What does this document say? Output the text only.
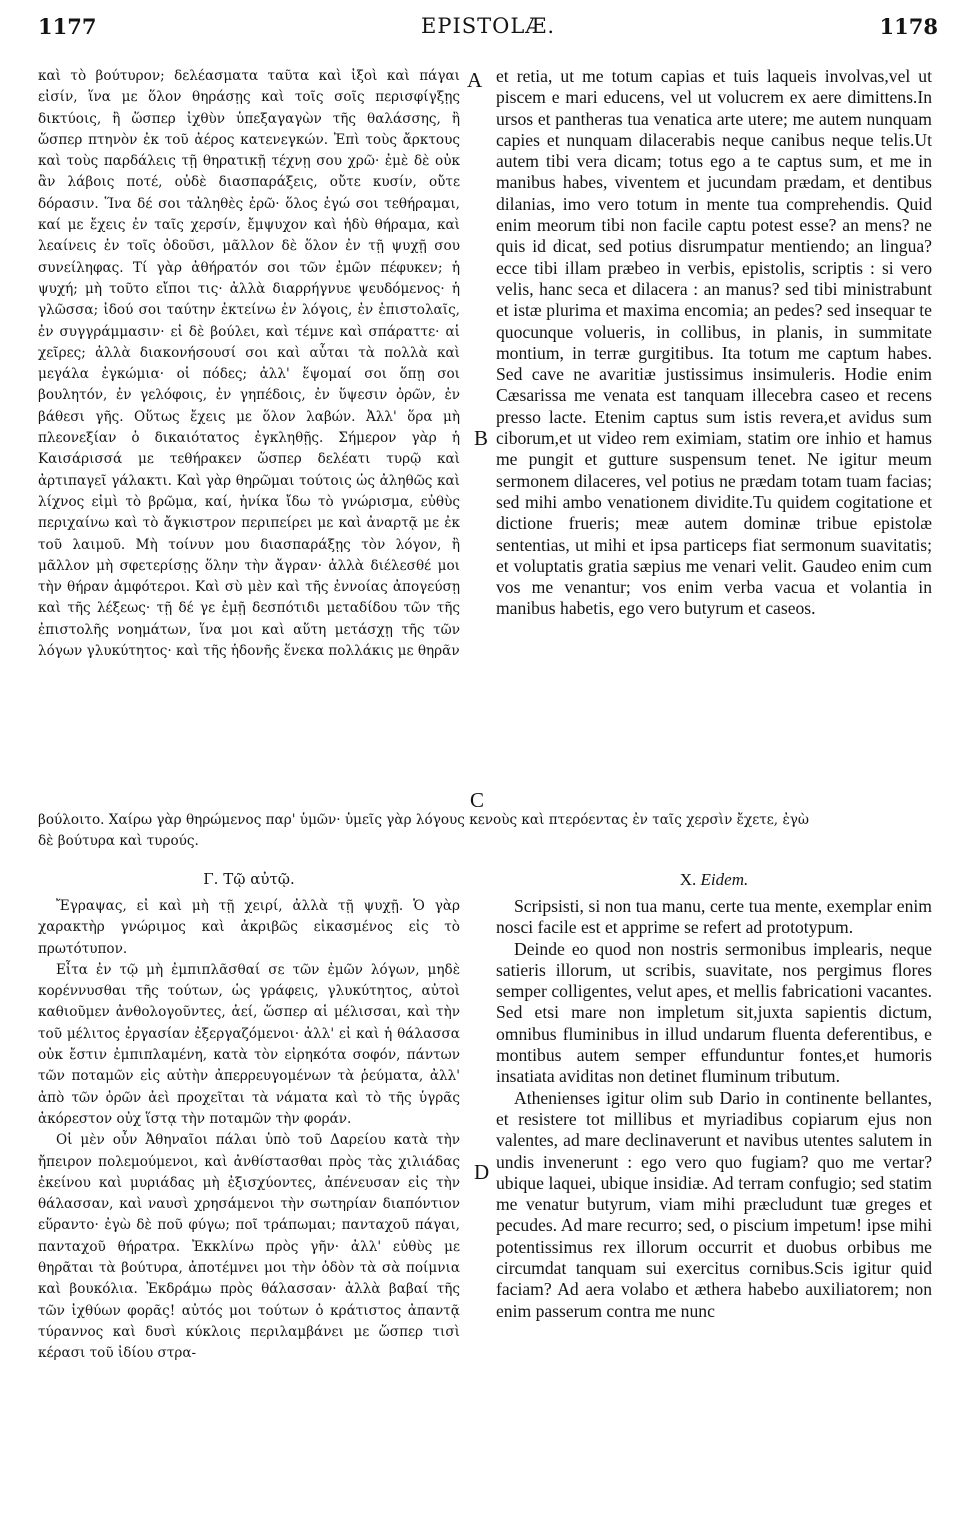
1177	EPISTOLÆ.	1178

καὶ τὸ βούτυρον; δελέασματα ταῦτα καὶ ἰξοὶ καὶ πάγαι εἰσίν, ἵνα με ὅλον θηράσῃς καὶ τοῖς σοῖς περισφίγξῃς δικτύοις, ἢ ὥσπερ ἰχθὺν ὑπεξαγαγὼν τῆς θαλάσσης, ἢ ὥσπερ πτηνὸν ἐκ τοῦ ἀέρος κατενεγκών. Ἐπὶ τοὺς ἄρκτους καὶ τοὺς παρδάλεις τῇ θηρατικῇ τέχνῃ σου χρῶ· ἐμὲ δὲ οὐκ ἂν λάβοις ποτέ, οὐδὲ διασπαράξεις, οὔτε κυσίν, οὔτε δόρασιν. Ἵνα δέ σοι τἀληθὲς ἐρῶ· ὅλος ἐγώ σοι τεθήραμαι, καί με ἔχεις ἐν ταῖς χερσίν, ἔμψυχον καὶ ἡδὺ θήραμα, καὶ λεαίνεις ἐν τοῖς ὀδοῦσι, μᾶλλον δὲ ὅλον ἐν τῇ ψυχῇ σου συνείληφας. Τί γὰρ ἀθήρατόν σοι τῶν ἐμῶν πέφυκεν; ἡ ψυχή; μὴ τοῦτο εἴποι τις· ἀλλὰ διαρρήγνυε ψευδόμενος· ἡ γλῶσσα; ἰδού σοι ταύτην ἐκτείνω ἐν λόγοις, ἐν ἐπιστολαῖς, ἐν συγγράμμασιν· εἰ δὲ βούλει, καὶ τέμνε καὶ σπάραττε· αἱ χεῖρες; ἀλλὰ διακονήσουσί σοι καὶ αὗται τὰ πολλὰ καὶ μεγάλα ἐγκώμια· οἱ πόδες; ἀλλ' ἕψομαί σοι ὅπῃ σοι βουλητόν, ἐν γελόφοις, ἐν γηπέδοις, ἐν ὕψεσιν ὀρῶν, ἐν βάθεσι γῆς. Οὕτως ἔχεις με ὅλον λαβών. Ἀλλ' ὅρα μὴ πλεονεξίαν ὁ δικαιότατος ἐγκληθῇς. Σήμερον γὰρ ἡ Καισάρισσά με τεθήρακεν ὥσπερ δελέατι τυρῷ καὶ ἀρτιπαγεῖ γάλακτι. Καὶ γὰρ θηρῶμαι τούτοις ὡς ἀληθῶς καὶ λίχνος εἰμὶ τὸ βρῶμα, καί, ἡνίκα ἴδω τὸ γνώρισμα, εὐθὺς περιχαίνω καὶ τὸ ἄγκιστρον περιπείρει με καὶ ἀναρτᾷ με ἐκ τοῦ λαιμοῦ. Μὴ τοίνυν μου διασπαράξῃς τὸν λόγον, ἢ μᾶλλον μὴ σφετερίσῃς ὅλην τὴν ἄγραν· ἀλλὰ διέλεσθέ μοι τὴν θήραν ἀμφότεροι. Καὶ σὺ μὲν καὶ τῆς ἐννοίας ἀπογεύσῃ καὶ τῆς λέξεως· τῇ δέ γε ἐμῇ δεσπότιδι μεταδίδου τῶν τῆς ἐπιστολῆς νοημάτων, ἵνα μοι καὶ αὕτη μετάσχῃ τῆς τῶν λόγων γλυκύτητος· καὶ τῆς ἡδονῆς ἕνεκα πολλάκις με θηρᾶν

et retia, ut me totum capias et tuis laqueis involvas,vel ut piscem e mari educens, vel ut volucrem ex aere dimittens.In ursos et pantheras tua venatica arte utere; me autem nunquam capies et nunquam dilacerabis neque canibus neque telis.Ut autem tibi vera dicam; totus ego a te captus sum, et me in manibus habes, viventem et jucundam prædam, et dentibus dilanias, imo vero totum in mente tua comprehendis. Quid enim meorum tibi non facile captu potest esse? an mens? ne quis id dicat, sed potius disrumpatur mentiendo; an lingua? ecce tibi illam præbeo in verbis, epistolis, scriptis : si vero velis, hanc seca et dilacera : an manus? sed tibi ministrabunt et istæ plurima et maxima encomia; an pedes? sed insequar te quocunque volueris, in collibus, in planis, in summitate montium, in terræ gurgitibus. Ita totum me captum habes. Sed cave ne avaritiæ justissimus insimuleris. Hodie enim Cæsarissa me venata est tanquam illecebra caseo et recens presso lacte. Etenim captus sum istis revera,et avidus sum ciborum,et ut video rem eximiam, statim ore inhio et hamus me pungit et gutture suspensum tenet. Ne igitur meum sermonem dilaceres, vel potius ne prædam totam tuam facias; sed mihi ambo venationem dividite.Tu quidem cogitatione et dictione frueris; meæ autem dominæ tribue epistolæ sententias, ut mihi et ipsa particeps fiat sermonum suavitatis; et voluptatis gratia sæpius me venari velit. Gaudeo enim cum vos me venantur; vos enim verba vacua et volantia in manibus habetis, ego vero butyrum et caseos.

A
B
C
D
βούλοιτο. Χαίρω γὰρ θηρώμενος παρ' ὑμῶν· ὑμεῖς γὰρ λόγους κενοὺς καὶ πτερόεντας ἐν ταῖς χερσὶν ἔχετε, ἐγὼ
δὲ βούτυρα καὶ τυρούς.
Γ. Τῷ αὐτῷ.	X. Eidem.

Ἔγραψας, εἰ καὶ μὴ τῇ χειρί, ἀλλὰ τῇ ψυχῇ. Ὁ γὰρ χαρακτὴρ γνώριμος καὶ ἀκριβῶς εἰκασμένος εἰς τὸ πρωτότυπον.

Εἶτα ἐν τῷ μὴ ἐμπιπλᾶσθαί σε τῶν ἐμῶν λόγων, μηδὲ κορέννυσθαι τῆς τούτων, ὡς γράφεις, γλυκύτητος, αὐτοὶ καθιοῦμεν ἀνθολογοῦντες, ἀεί, ὥσπερ αἱ μέλισσαι, καὶ τὴν τοῦ μέλιτος ἐργασίαν ἐξεργαζόμενοι· ἀλλ' εἰ καὶ ἡ θάλασσα οὐκ ἔστιν ἐμπιπλαμένη, κατὰ τὸν εἰρηκότα σοφόν, πάντων τῶν ποταμῶν εἰς αὐτὴν ἀπερρευγομένων τὰ ῥεύματα, ἀλλ' ἀπὸ τῶν ὀρῶν ἀεὶ προχεῖται τὰ νάματα καὶ τὸ τῆς ὑγρᾶς ἀκόρεστον οὐχ ἵστᾳ τὴν ποταμῶν τὴν φοράν.

Οἱ μὲν οὖν Ἀθηναῖοι πάλαι ὑπὸ τοῦ Δαρείου κατὰ τὴν ἤπειρον πολεμούμενοι, καὶ ἀνθίστασθαι πρὸς τὰς χιλιάδας ἐκείνου καὶ μυριάδας μὴ ἐξισχύοντες, ἀπένευσαν εἰς τὴν θάλασσαν, καὶ ναυσὶ χρησάμενοι τὴν σωτηρίαν διαπόντιον εὕραντο· ἐγὼ δὲ ποῦ φύγω; ποῖ τράπωμαι; πανταχοῦ πάγαι, πανταχοῦ θήρατρα. Ἐκκλίνω πρὸς γῆν· ἀλλ' εὐθὺς με θηρᾶται τὰ βούτυρα, ἀποτέμνει μοι τὴν ὁδὸν τὰ σὰ ποίμνια καὶ βουκόλια. Ἐκδράμω πρὸς θάλασσαν· ἀλλὰ βαβαί τῆς τῶν ἰχθύων φορᾶς! αὐτός μοι τούτων ὁ κράτιστος ἀπαντᾷ τύραννος καὶ δυσὶ κύκλοις περιλαμβάνει με ὥσπερ τισὶ κέρασι τοῦ ἰδίου στρα-

Scripsisti, si non tua manu, certe tua mente, exemplar enim nosci facile est et apprime se refert ad prototypum.

Deinde eo quod non nostris sermonibus implearis, neque satieris illorum, ut scribis, suavitate, nos pergimus flores semper colligentes, velut apes, et mellis fabricationi vacantes. Sed etsi mare non impletum sit,juxta sapientis dictum, omnibus fluminibus in illud undarum fluenta deferentibus, e montibus autem semper effunduntur fontes,et humoris insatiata aviditas non detinet fluminum tributum.

Athenienses igitur olim sub Dario in continente bellantes, et resistere tot millibus et myriadibus copiarum ejus non valentes, ad mare declinaverunt et navibus utentes salutem in undis invenerunt : ego vero quo fugiam? quo me vertar? ubique laquei, ubique insidiæ. Ad terram confugio; sed statim me venatur butyrum, viam mihi præcludunt tuæ greges et pecudes. Ad mare recurro; sed, o piscium impetum! ipse mihi potentissimus rex illorum occurrit et duobus orbibus me circumdat tanquam sui exercitus cornibus.Scis igitur quid faciam? Ad aera volabo et æthera habebo auxiliatorem; non enim passerum contra me nunc
